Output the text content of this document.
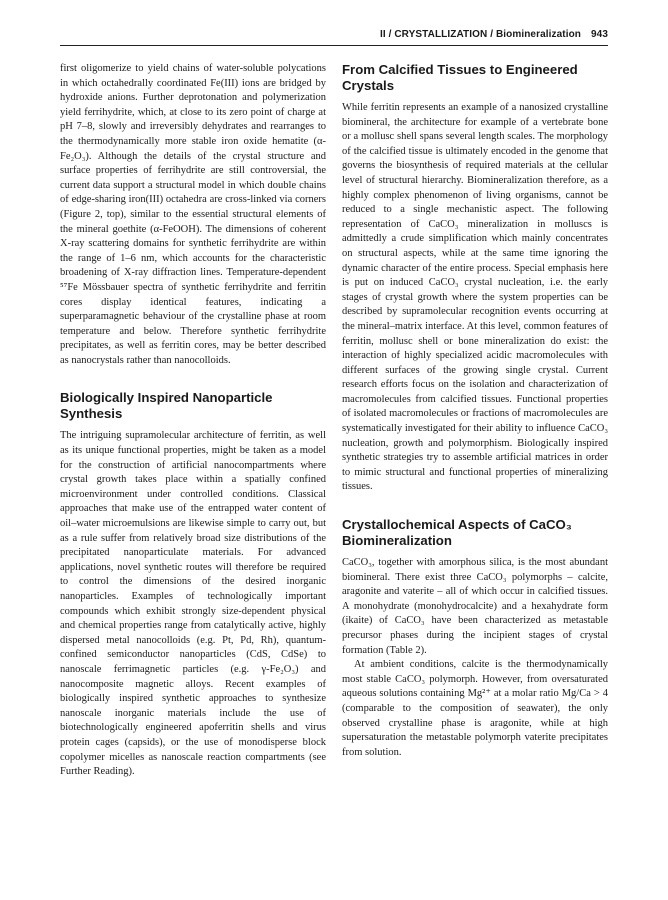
II / CRYSTALLIZATION / Biomineralization 943

first oligomerize to yield chains of water-soluble polycations in which octahedrally coordinated Fe(III) ions are bridged by hydroxide anions. Further deprotonation and polymerization yield ferrihydrite, which, at close to its zero point of charge at pH 7–8, slowly and irreversibly dehydrates and rearranges to the thermodynamically more stable iron oxide hematite (α-Fe₂O₃). Although the details of the crystal structure and surface properties of ferrihydrite are still controversial, the current data support a structural model in which double chains of edge-sharing iron(III) octahedra are cross-linked via corners (Figure 2, top), similar to the essential structural elements of the mineral goethite (α-FeOOH). The dimensions of coherent X-ray scattering domains for synthetic ferrihydrite are within the range of 1–6 nm, which accounts for the characteristic broadening of X-ray diffraction lines. Temperature-dependent ⁵⁷Fe Mössbauer spectra of synthetic ferrihydrite and ferritin cores display identical features, indicating a superparamagnetic behaviour of the crystalline phase at room temperature and below. Therefore synthetic ferrihydrite precipitates, as well as ferritin cores, may be better described as nanocrystals rather than nanocolloids.

Biologically Inspired Nanoparticle Synthesis

The intriguing supramolecular architecture of ferritin, as well as its unique functional properties, might be taken as a model for the construction of artificial nanocompartments where crystal growth takes place within a spatially confined microenvironment under controlled conditions. Classical approaches that make use of the entrapped water content of oil–water microemulsions are likewise simple to carry out, but as a rule suffer from relatively broad size distributions of the precipitated nanoparticulate materials. For advanced applications, novel synthetic routes will therefore be required to control the dimensions of the desired inorganic nanoparticles. Examples of technologically important compounds which exhibit strongly size-dependent physical and chemical properties range from catalytically active, highly dispersed metal nanocolloids (e.g. Pt, Pd, Rh), quantum-confined semiconductor nanoparticles (CdS, CdSe) to nanoscale ferrimagnetic particles (e.g. γ-Fe₂O₃) and nanocomposite magnetic alloys. Recent examples of biologically inspired synthetic approaches to synthesize nanoscale inorganic materials include the use of biotechnologically engineered apoferritin shells and virus protein cages (capsids), or the use of monodisperse block copolymer micelles as nanoscale reaction compartments (see Further Reading).

From Calcified Tissues to Engineered Crystals

While ferritin represents an example of a nanosized crystalline biomineral, the architecture for example of a vertebrate bone or a mollusc shell spans several length scales. The morphology of the calcified tissue is ultimately encoded in the genome that governs the biosynthesis of required materials at the cellular level of structural hierarchy. Biomineralization therefore, as a highly complex phenomenon of living organisms, cannot be reduced to a single mechanistic aspect. The following representation of CaCO₃ mineralization in molluscs is admittedly a crude simplification which mainly concentrates on structural aspects, while at the same time ignoring the dynamic character of the entire process. Special emphasis here is put on induced CaCO₃ crystal nucleation, i.e. the early stages of crystal growth where the system properties can be described by supramolecular recognition events occurring at the mineral–matrix interface. At this level, common features of ferritin, mollusc shell or bone mineralization do exist: the interaction of highly specialized acidic macromolecules with different surfaces of the growing single crystal. Current research efforts focus on the isolation and characterization of macromolecules from calcified tissues. Functional properties of isolated macromolecules or fractions of macromolecules are systematically investigated for their ability to influence CaCO₃ nucleation, growth and polymorphism. Biologically inspired synthetic strategies try to assemble artificial matrices in order to mimic structural and functional properties of mineralizing tissues.

Crystallochemical Aspects of CaCO₃ Biomineralization

CaCO₃, together with amorphous silica, is the most abundant biomineral. There exist three CaCO₃ polymorphs – calcite, aragonite and vaterite – all of which occur in calcified tissues. A monohydrate (monohydrocalcite) and a hexahydrate form (ikaite) of CaCO₃ have been characterized as metastable precursor phases during the incipient stages of crystal formation (Table 2).

At ambient conditions, calcite is the thermodynamically most stable CaCO₃ polymorph. However, from oversaturated aqueous solutions containing Mg²⁺ at a molar ratio Mg/Ca > 4 (comparable to the composition of seawater), the only observed crystalline phase is aragonite, while at high supersaturation the metastable polymorph vaterite precipitates from solution.
